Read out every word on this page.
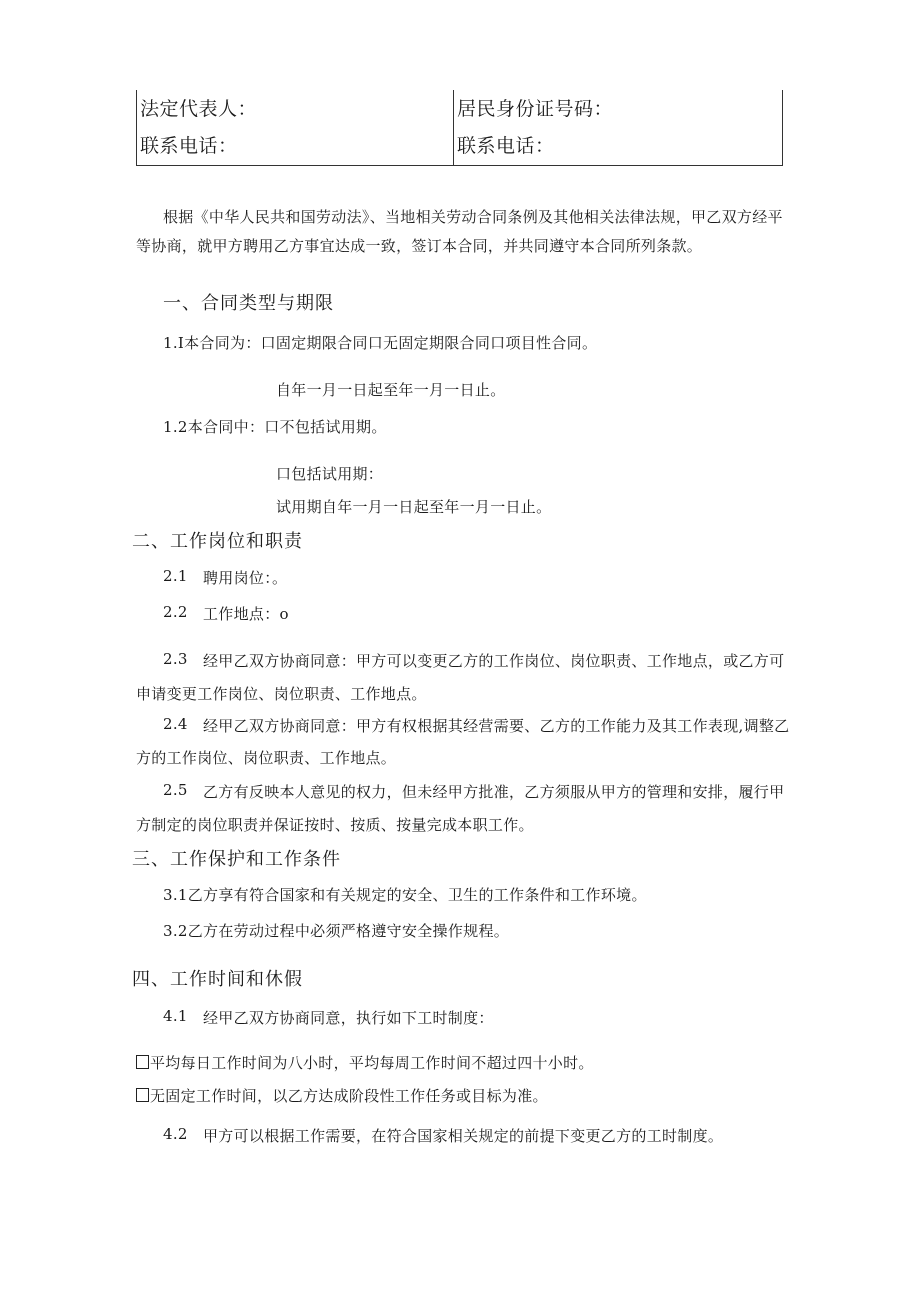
法定代表人：
联系电话：
居民身份证号码：
联系电话：
根据《中华人民共和国劳动法》、当地相关劳动合同条例及其他相关法律法规，甲乙双方经平
等协商，就甲方聘用乙方事宜达成一致，签订本合同，并共同遵守本合同所列条款。
一、合同类型与期限
1.I本合同为：口固定期限合同口无固定期限合同口项目性合同。
自年一月一日起至年一月一日止。
1.2本合同中：口不包括试用期。
口包括试用期：
试用期自年一月一日起至年一月一日止。
二、工作岗位和职责
2.1 聘用岗位：。
2.2 工作地点：o
2.3 经甲乙双方协商同意：甲方可以变更乙方的工作岗位、岗位职责、工作地点，或乙方可
申请变更工作岗位、岗位职责、工作地点。
2.4 经甲乙双方协商同意：甲方有权根据其经营需要、乙方的工作能力及其工作表现,调整乙
方的工作岗位、岗位职责、工作地点。
2.5 乙方有反映本人意见的权力，但未经甲方批准，乙方须服从甲方的管理和安排，履行甲
方制定的岗位职责并保证按时、按质、按量完成本职工作。
三、工作保护和工作条件
3.1乙方享有符合国家和有关规定的安全、卫生的工作条件和工作环境。
3.2乙方在劳动过程中必须严格遵守安全操作规程。
四、工作时间和休假
4.1 经甲乙双方协商同意，执行如下工时制度：
平均每日工作时间为八小时，平均每周工作时间不超过四十小时。
无固定工作时间，以乙方达成阶段性工作任务或目标为准。
4.2 甲方可以根据工作需要，在符合国家相关规定的前提下变更乙方的工时制度。
